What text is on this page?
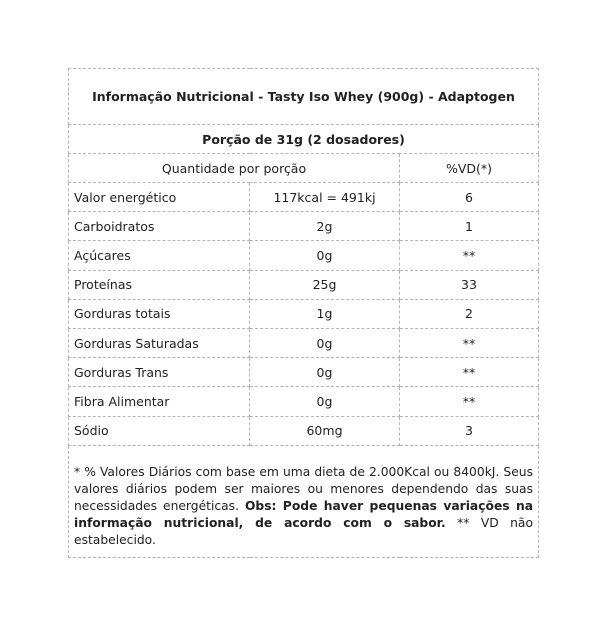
Informação Nutricional - Tasty Iso Whey (900g) - Adaptogen		
Porção de 31g (2 dosadores)		
Quantidade por porção		%VD(*)
Valor energético	117kcal = 491kj	6
Carboidratos	2g	1
Açúcares	0g	**
Proteínas	25g	33
Gorduras totais	1g	2
Gorduras Saturadas	0g	**
Gorduras Trans	0g	**
Fibra Alimentar	0g	**
Sódio	60mg	3
* % Valores Diários com base em uma dieta de 2.000Kcal ou 8400kJ. Seus valores diários podem ser maiores ou menores dependendo das suas necessidades energéticas. Obs: Pode haver pequenas variações na informação nutricional, de acordo com o sabor. ** VD não estabelecido.		
